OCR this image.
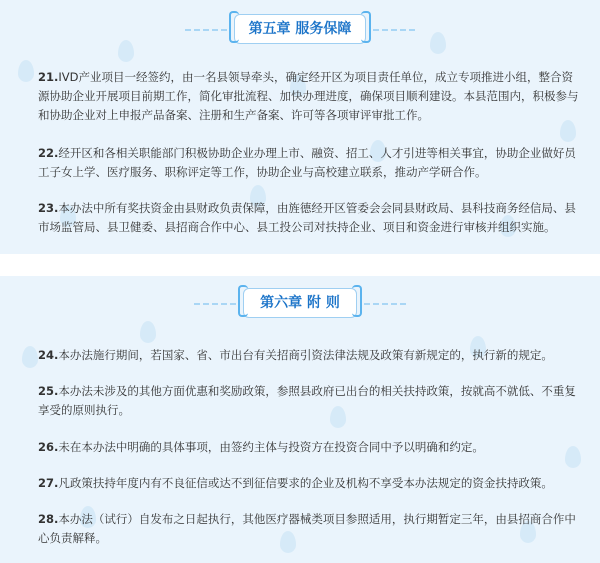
第五章 服务保障
21.IVD产业项目一经签约，由一名县领导牵头，确定经开区为项目责任单位，成立专项推进小组，整合资源协助企业开展项目前期工作，简化审批流程、加快办理进度，确保项目顺利建设。本县范围内，积极参与和协助企业对上申报产品备案、注册和生产备案、许可等各项审评审批工作。
22.经开区和各相关职能部门积极协助企业办理上市、融资、招工、人才引进等相关事宜，协助企业做好员工子女上学、医疗服务、职称评定等工作，协助企业与高校建立联系，推动产学研合作。
23.本办法中所有奖扶资金由县财政负责保障，由旌德经开区管委会会同县财政局、县科技商务经信局、县市场监管局、县卫健委、县招商合作中心、县工投公司对扶持企业、项目和资金进行审核并组织实施。
第六章 附 则
24.本办法施行期间，若国家、省、市出台有关招商引资法律法规及政策有新规定的，执行新的规定。
25.本办法未涉及的其他方面优惠和奖励政策，参照县政府已出台的相关扶持政策，按就高不就低、不重复享受的原则执行。
26.未在本办法中明确的具体事项，由签约主体与投资方在投资合同中予以明确和约定。
27.凡政策扶持年度内有不良征信或达不到征信要求的企业及机构不享受本办法规定的资金扶持政策。
28.本办法（试行）自发布之日起执行，其他医疗器械类项目参照适用，执行期暂定三年，由县招商合作中心负责解释。
